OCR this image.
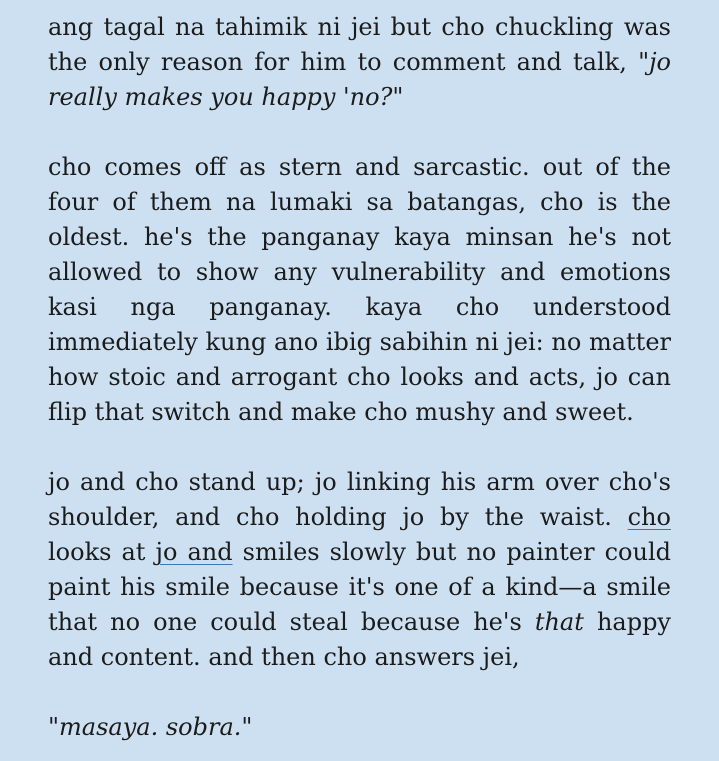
ang tagal na tahimik ni jei but cho chuckling was the only reason for him to comment and talk, "jo really makes you happy 'no?"

cho comes off as stern and sarcastic. out of the four of them na lumaki sa batangas, cho is the oldest. he's the panganay kaya minsan he's not allowed to show any vulnerability and emotions kasi nga panganay. kaya cho understood immediately kung ano ibig sabihin ni jei: no matter how stoic and arrogant cho looks and acts, jo can flip that switch and make cho mushy and sweet.

jo and cho stand up; jo linking his arm over cho's shoulder, and cho holding jo by the waist. cho looks at jo and smiles slowly but no painter could paint his smile because it's one of a kind—a smile that no one could steal because he's that happy and content. and then cho answers jei,

"masaya. sobra."
